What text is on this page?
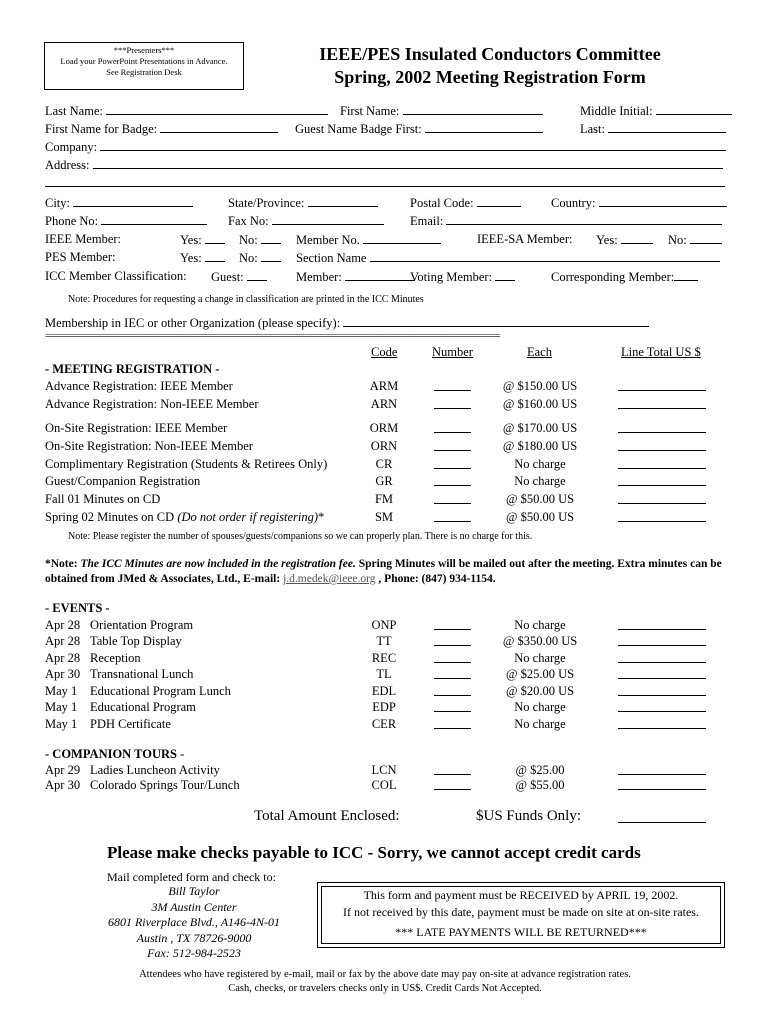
***Presenters***
Load your PowerPoint Presentations in Advance.
See Registration Desk
IEEE/PES Insulated Conductors Committee
Spring, 2002 Meeting Registration Form
Last Name:	First Name:	Middle Initial:
First Name for Badge:	Guest Name Badge First:	Last:
Company:
Address:
City:	State/Province:	Postal Code:	Country:
Phone No:	Fax No:	Email:
IEEE Member:	Yes:	No:	Member No.	IEEE-SA Member: Yes:	No:
PES Member:	Yes:	No:	Section Name
ICC Member Classification: Guest:	Member:	Voting Member:	Corresponding Member:
Note: Procedures for requesting a change in classification are printed in the ICC Minutes
Membership in IEC or other Organization (please specify):
==================================================================================================
Code	Number	Each	Line Total US $
- MEETING REGISTRATION -
Advance Registration: IEEE Member	ARM	@ $150.00 US
Advance Registration: Non-IEEE Member	ARN	@ $160.00 US
On-Site Registration: IEEE Member	ORM	@ $170.00 US
On-Site Registration: Non-IEEE Member	ORN	@ $180.00 US
Complimentary Registration (Students & Retirees Only)	CR	No charge
Guest/Companion Registration	GR	No charge
Fall 01 Minutes on CD	FM	@ $50.00 US
Spring 02 Minutes on CD (Do not order if registering)*	SM	@ $50.00 US
Note: Please register the number of spouses/guests/companions so we can properly plan. There is no charge for this.
*Note: The ICC Minutes are now included in the registration fee. Spring Minutes will be mailed out after the meeting. Extra minutes can be
obtained from JMed & Associates, Ltd., E-mail: j.d.medek@ieee.org , Phone: (847) 934-1154.
- EVENTS -
Apr 28 Orientation Program	ONP	No charge
Apr 28 Table Top Display	TT	@ $350.00 US
Apr 28 Reception	REC	No charge
Apr 30 Transnational Lunch	TL	@ $25.00 US
May 1 Educational Program Lunch	EDL	@ $20.00 US
May 1 Educational Program	EDP	No charge
May 1 PDH Certificate	CER	No charge
- COMPANION TOURS -
Apr 29 Ladies Luncheon Activity	LCN	@ $25.00
Apr 30 Colorado Springs Tour/Lunch	COL	@ $55.00
Total Amount Enclosed:	$US Funds Only:
Please make checks payable to ICC - Sorry, we cannot accept credit cards
Mail completed form and check to:
Bill Taylor
3M Austin Center
6801 Riverplace Blvd., A146-4N-01
Austin , TX 78726-9000
Fax: 512-984-2523
This form and payment must be RECEIVED by APRIL 19, 2002.
If not received by this date, payment must be made on site at on-site rates.
*** LATE PAYMENTS WILL BE RETURNED***
Attendees who have registered by e-mail, mail or fax by the above date may pay on-site at advance registration rates.
Cash, checks, or travelers checks only in US$. Credit Cards Not Accepted.
